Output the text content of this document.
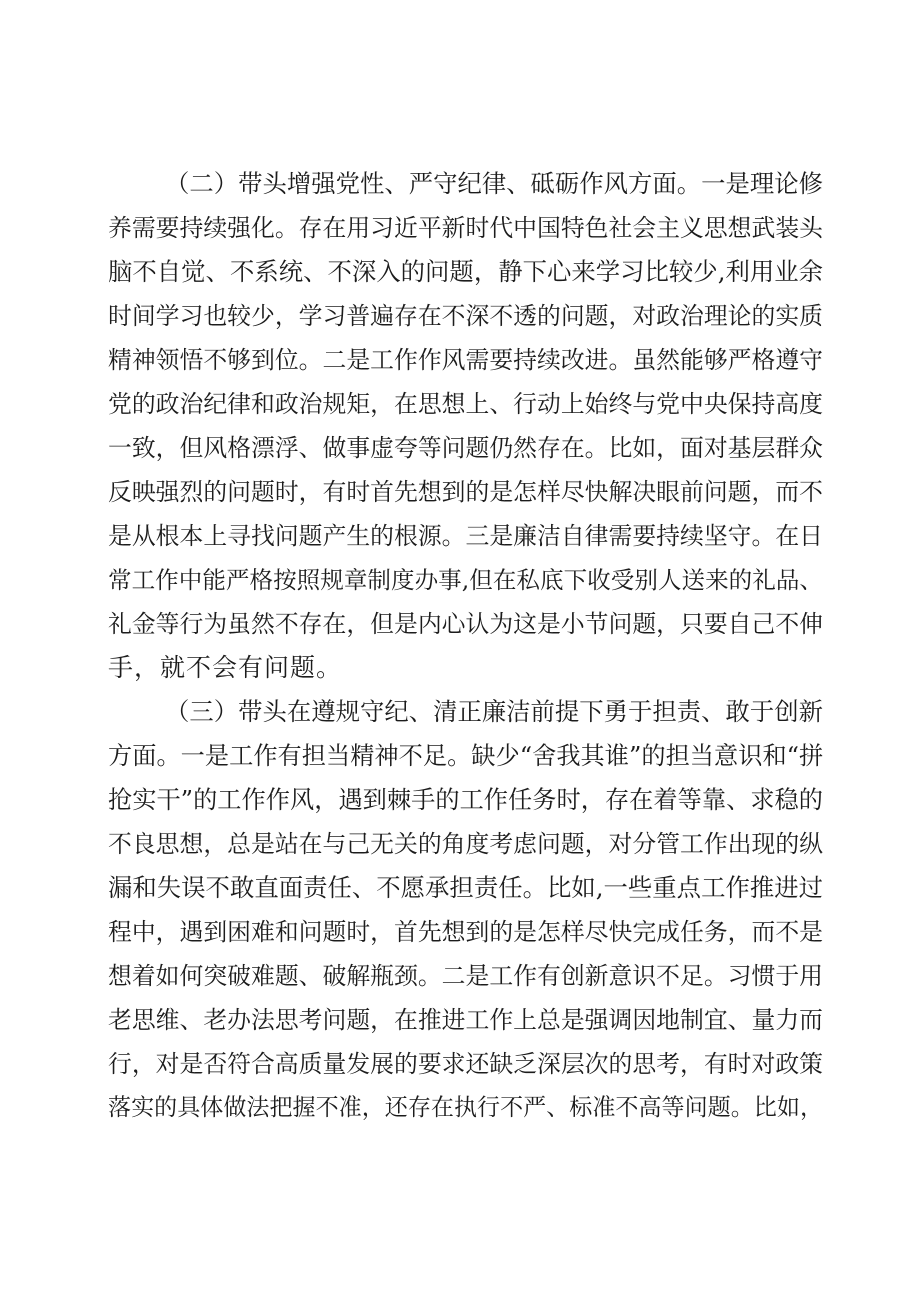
（二）带头增强党性、严守纪律、砥砺作风方面。一是理论修

养需要持续强化。存在用习近平新时代中国特色社会主义思想武装头

脑不自觉、不系统、不深入的问题，静下心来学习比较少,利用业余

时间学习也较少，学习普遍存在不深不透的问题，对政治理论的实质

精神领悟不够到位。二是工作作风需要持续改进。虽然能够严格遵守

党的政治纪律和政治规矩，在思想上、行动上始终与党中央保持高度

一致，但风格漂浮、做事虚夸等问题仍然存在。比如，面对基层群众

反映强烈的问题时，有时首先想到的是怎样尽快解决眼前问题，而不

是从根本上寻找问题产生的根源。三是廉洁自律需要持续坚守。在日

常工作中能严格按照规章制度办事,但在私底下收受别人送来的礼品、

礼金等行为虽然不存在，但是内心认为这是小节问题，只要自己不伸

手，就不会有问题。

（三）带头在遵规守纪、清正廉洁前提下勇于担责、敢于创新

方面。一是工作有担当精神不足。缺少“舍我其谁”的担当意识和“拼

抢实干”的工作作风，遇到棘手的工作任务时，存在着等靠、求稳的

不良思想，总是站在与己无关的角度考虑问题，对分管工作出现的纵

漏和失误不敢直面责任、不愿承担责任。比如,一些重点工作推进过

程中，遇到困难和问题时，首先想到的是怎样尽快完成任务，而不是

想着如何突破难题、破解瓶颈。二是工作有创新意识不足。习惯于用

老思维、老办法思考问题，在推进工作上总是强调因地制宜、量力而

行，对是否符合高质量发展的要求还缺乏深层次的思考，有时对政策

落实的具体做法把握不准，还存在执行不严、标准不高等问题。比如，
